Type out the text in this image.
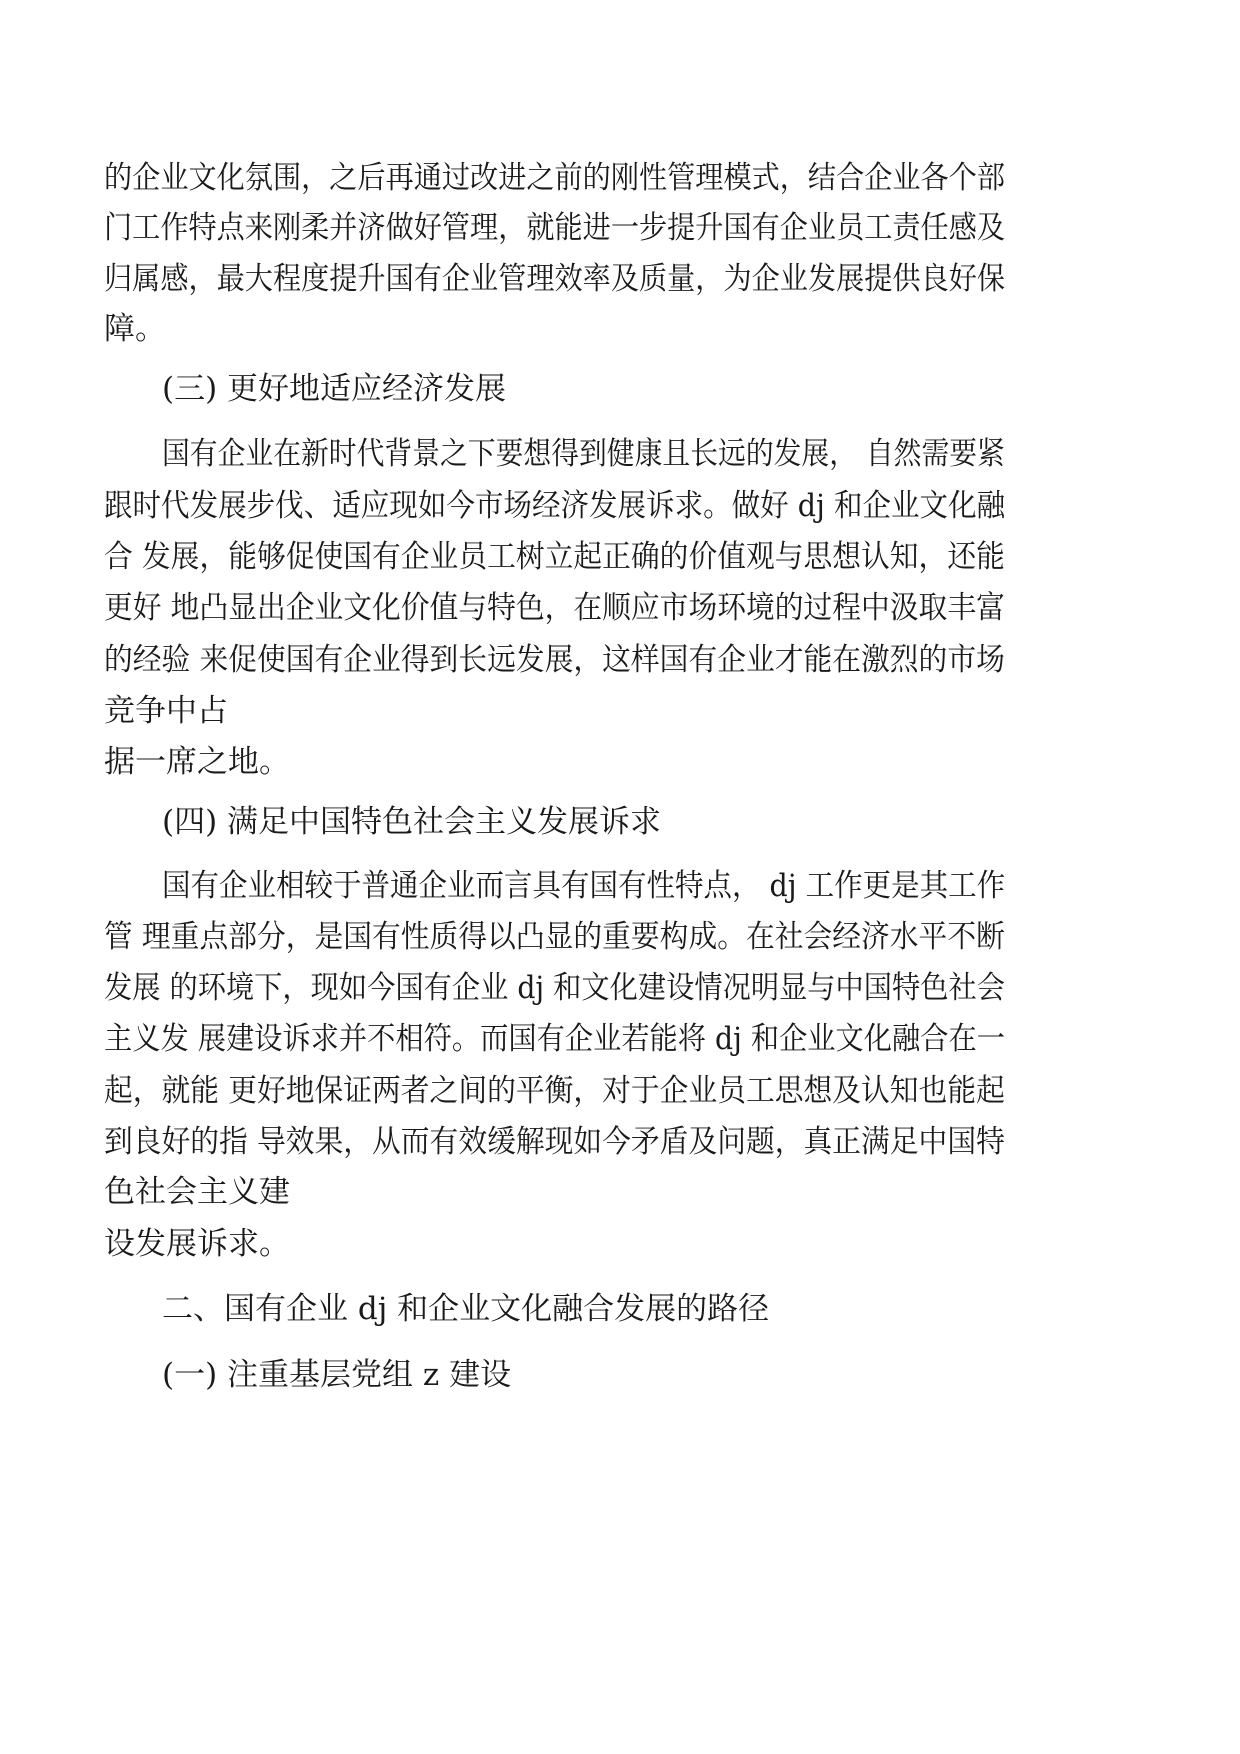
的企业文化氛围，之后再通过改进之前的刚性管理模式，结合企业各个部
门工作特点来刚柔并济做好管理，就能进一步提升国有企业员工责任感及
归属感，最大程度提升国有企业管理效率及质量，为企业发展提供良好保
障。
(三) 更好地适应经济发展
国有企业在新时代背景之下要想得到健康且长远的发展， 自然需要紧
跟时代发展步伐、适应现如今市场经济发展诉求。做好 dj 和企业文化融
合 发展，能够促使国有企业员工树立起正确的价值观与思想认知，还能
更好 地凸显出企业文化价值与特色，在顺应市场环境的过程中汲取丰富
的经验 来促使国有企业得到长远发展，这样国有企业才能在激烈的市场
竞争中占
据一席之地。
(四) 满足中国特色社会主义发展诉求
国有企业相较于普通企业而言具有国有性特点， dj 工作更是其工作
管 理重点部分，是国有性质得以凸显的重要构成。在社会经济水平不断
发展 的环境下，现如今国有企业 dj 和文化建设情况明显与中国特色社会
主义发 展建设诉求并不相符。而国有企业若能将 dj 和企业文化融合在一
起，就能 更好地保证两者之间的平衡，对于企业员工思想及认知也能起
到良好的指 导效果，从而有效缓解现如今矛盾及问题，真正满足中国特
色社会主义建
设发展诉求。
二、国有企业 dj 和企业文化融合发展的路径
(一) 注重基层党组 z 建设
